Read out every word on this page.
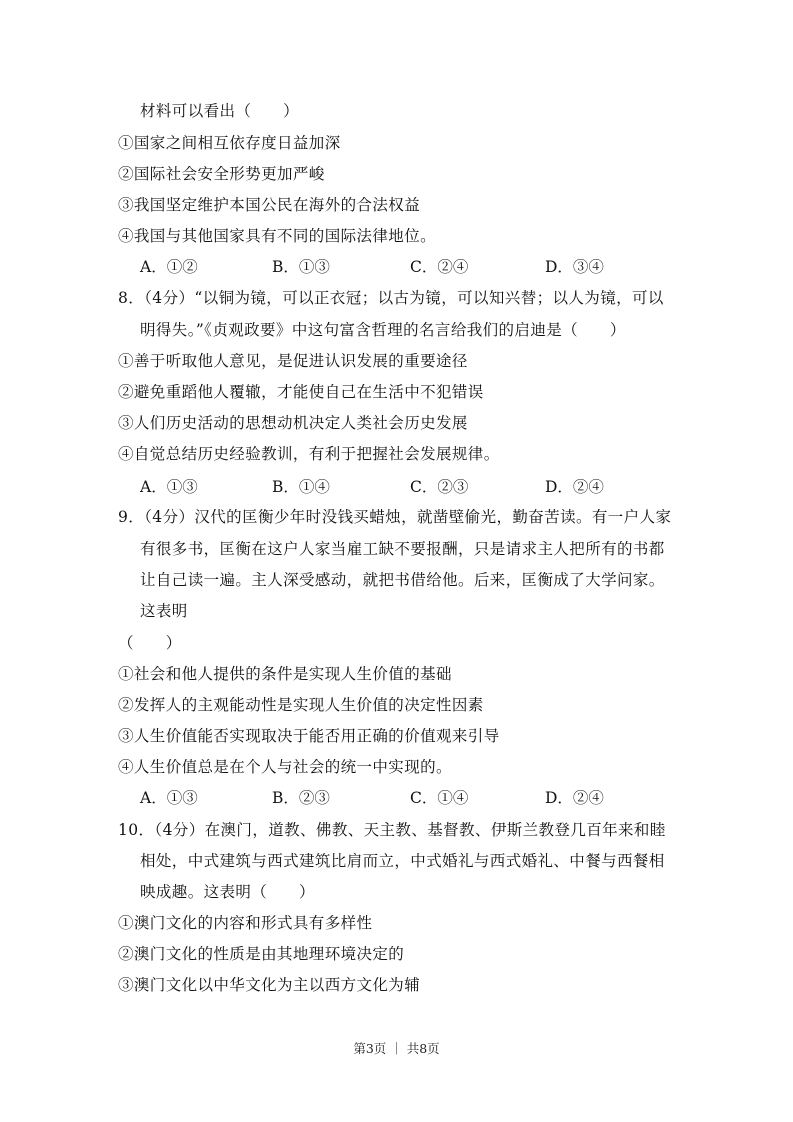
材料可以看出（　　）
①国家之间相互依存度日益加深
②国际社会安全形势更加严峻
③我国坚定维护本国公民在海外的合法权益
④我国与其他国家具有不同的国际法律地位。
A．①②	B．①③	C．②④	D．③④
8．（4分）“以铜为镜，可以正衣冠；以古为镜，可以知兴替；以人为镜，可以
明得失。”《贞观政要》中这句富含哲理的名言给我们的启迪是（　　）
①善于听取他人意见，是促进认识发展的重要途径
②避免重蹈他人覆辙，才能使自己在生活中不犯错误
③人们历史活动的思想动机决定人类社会历史发展
④自觉总结历史经验教训，有利于把握社会发展规律。
A．①③	B．①④	C．②③	D．②④
9．（4分）汉代的匡衡少年时没钱买蜡烛，就凿壁偷光，勤奋苦读。有一户人家
有很多书，匡衡在这户人家当雇工缺不要报酬，只是请求主人把所有的书都
让自己读一遍。主人深受感动，就把书借给他。后来，匡衡成了大学问家。
这表明
（　　）
①社会和他人提供的条件是实现人生价值的基础
②发挥人的主观能动性是实现人生价值的决定性因素
③人生价值能否实现取决于能否用正确的价值观来引导
④人生价值总是在个人与社会的统一中实现的。
A．①③	B．②③	C．①④	D．②④
10．（4分）在澳门，道教、佛教、天主教、基督教、伊斯兰教登几百年来和睦
相处，中式建筑与西式建筑比肩而立，中式婚礼与西式婚礼、中餐与西餐相
映成趣。这表明（　　）
①澳门文化的内容和形式具有多样性
②澳门文化的性质是由其地理环境决定的
③澳门文化以中华文化为主以西方文化为辅
第3页 ｜ 共8页
